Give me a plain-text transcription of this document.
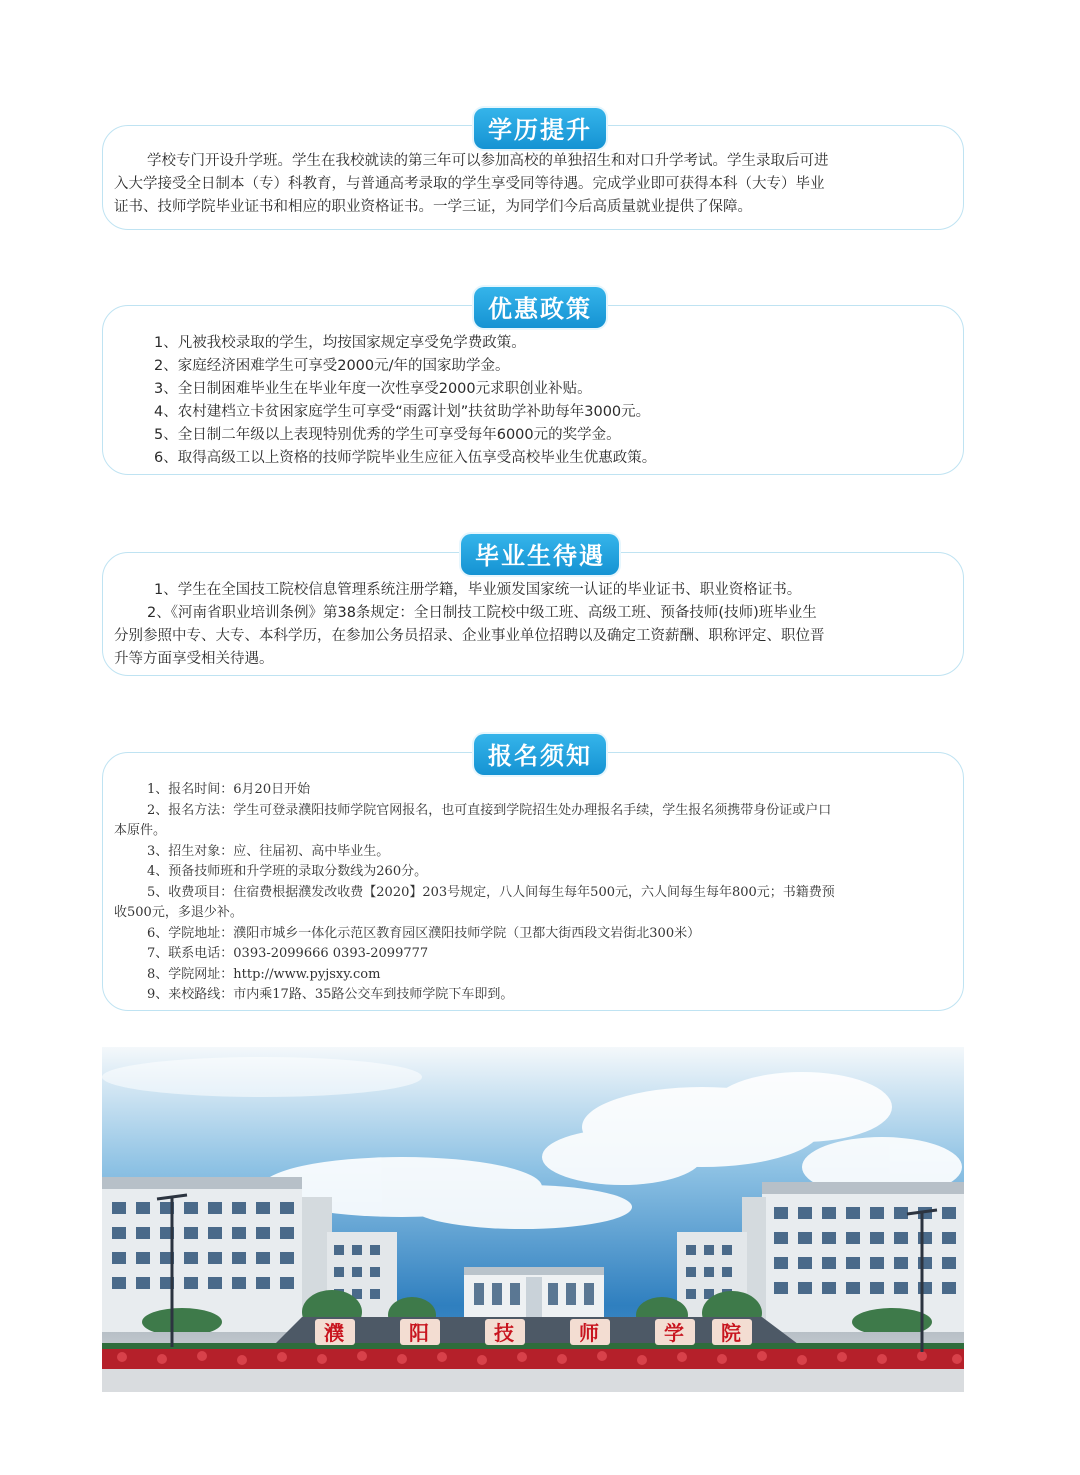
学历提升
学校专门开设升学班。学生在我校就读的第三年可以参加高校的单独招生和对口升学考试。学生录取后可进
入大学接受全日制本（专）科教育，与普通高考录取的学生享受同等待遇。完成学业即可获得本科（大专）毕业
证书、技师学院毕业证书和相应的职业资格证书。一学三证，为同学们今后高质量就业提供了保障。
优惠政策
1、凡被我校录取的学生，均按国家规定享受免学费政策。
2、家庭经济困难学生可享受2000元/年的国家助学金。
3、全日制困难毕业生在毕业年度一次性享受2000元求职创业补贴。
4、农村建档立卡贫困家庭学生可享受“雨露计划”扶贫助学补助每年3000元。
5、全日制二年级以上表现特别优秀的学生可享受每年6000元的奖学金。
6、取得高级工以上资格的技师学院毕业生应征入伍享受高校毕业生优惠政策。
毕业生待遇
1、学生在全国技工院校信息管理系统注册学籍，毕业颁发国家统一认证的毕业证书、职业资格证书。
2、《河南省职业培训条例》第38条规定：全日制技工院校中级工班、高级工班、预备技师(技师)班毕业生
分别参照中专、大专、本科学历，在参加公务员招录、企业事业单位招聘以及确定工资薪酬、职称评定、职位晋
升等方面享受相关待遇。
报名须知
1、报名时间：6月20日开始
2、报名方法：学生可登录濮阳技师学院官网报名，也可直接到学院招生处办理报名手续，学生报名须携带身份证或户口
本原件。
3、招生对象：应、往届初、高中毕业生。
4、预备技师班和升学班的录取分数线为260分。
5、收费项目：住宿费根据濮发改收费【2020】203号规定，八人间每生每年500元，六人间每生每年800元；书籍费预
收500元，多退少补。
6、学院地址：濮阳市城乡一体化示范区教育园区濮阳技师学院（卫都大街西段文岩街北300米）
7、联系电话：0393-2099666 0393-2099777
8、学院网址：http://www.pyjsxy.com
9、来校路线：市内乘17路、35路公交车到技师学院下车即到。
濮	阳	技	师	学 院
